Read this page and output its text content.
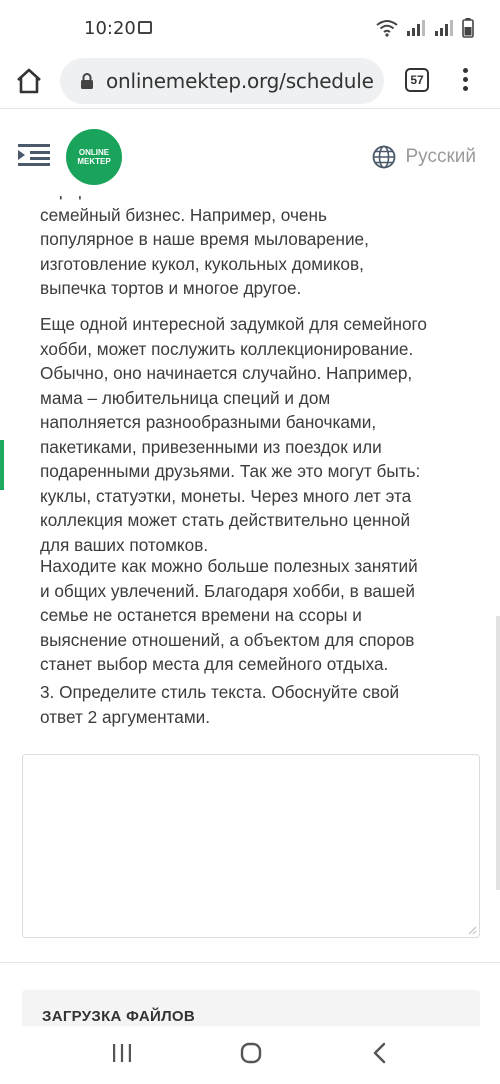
10:20
onlinemektep.org/schedule	57

семейный бизнес. Например, очень

популярное в наше время мыловарение,

изготовление кукол, кукольных домиков,

выпечка тортов и многое другое.

Еще одной интересной задумкой для семейного

хобби, может послужить коллекционирование.

Обычно, оно начинается случайно. Например,

мама – любительница специй и дом

наполняется разнообразными баночками,

пакетиками, привезенными из поездок или

подаренными друзьями. Так же это могут быть:

куклы, статуэтки, монеты. Через много лет эта

коллекция может стать действительно ценной

для ваших потомков.

Находите как можно больше полезных занятий

и общих увлечений. Благодаря хобби, в вашей

семье не останется времени на ссоры и

выяснение отношений, а объектом для споров

станет выбор места для семейного отдыха.

3. Определите стиль текста. Обоснуйте свой

ответ 2 аргументами.

ЗАГРУЗКА ФАЙЛОВ
ONLINE
MEKTEP	Русский
